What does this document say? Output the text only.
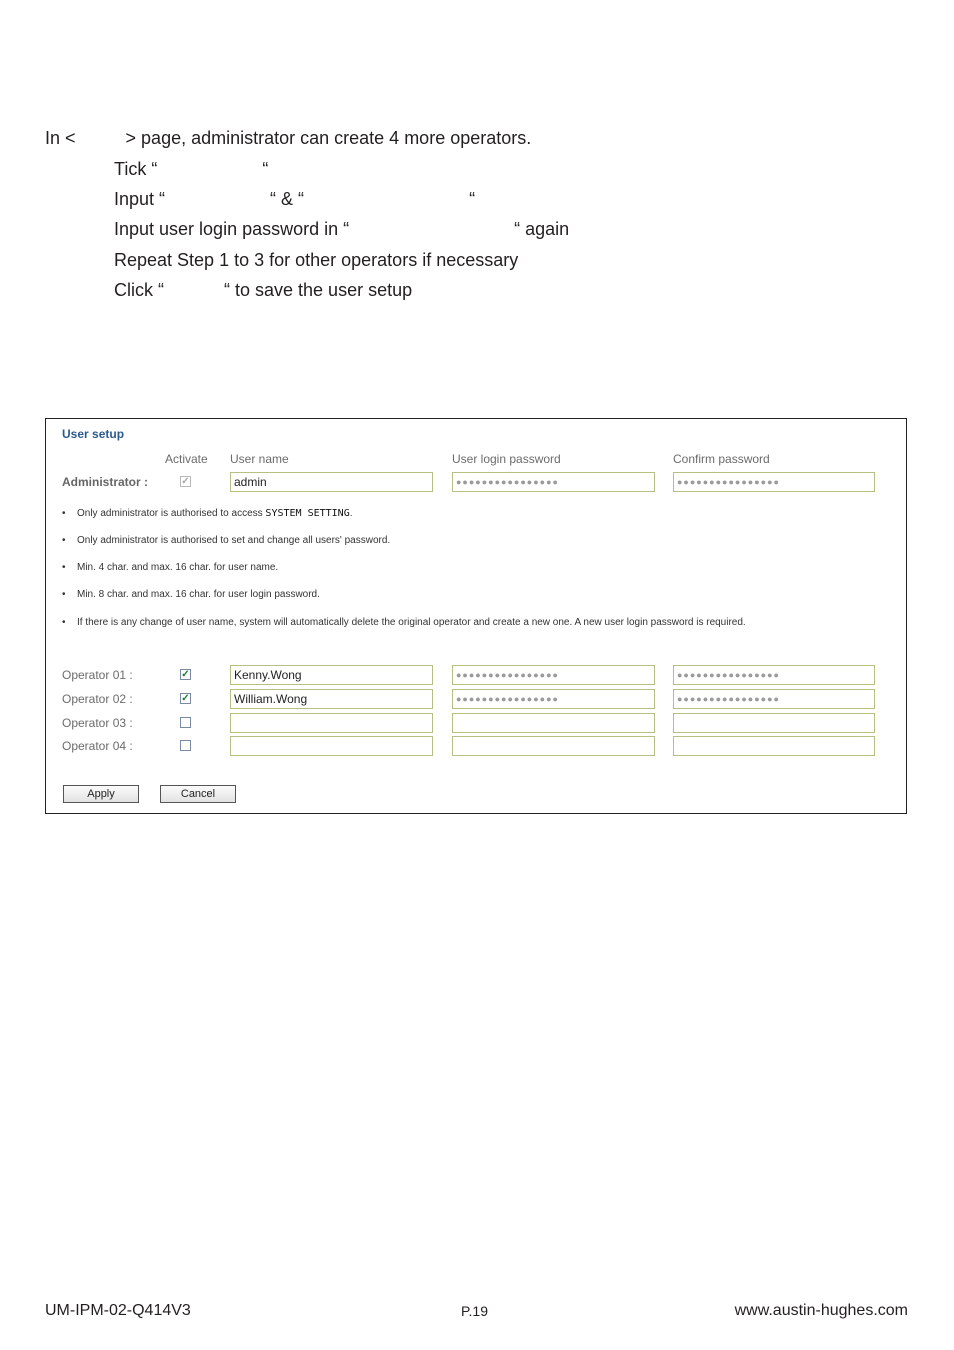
In <          > page, administrator can create 4 more operators.
Tick “                     “
Input “                     “ & “                                 “
Input user login password in “                                 “ again
Repeat Step 1 to 3 for other operators if necessary
Click “            “ to save the user setup
User setup
Activate User name	User login password	Confirm password
Administrator :	✓	admin	●●●●●●●●●●●●●●●●	●●●●●●●●●●●●●●●●
• Only administrator is authorised to access SYSTEM SETTING.
• Only administrator is authorised to set and change all users' password.
• Min. 4 char. and max. 16 char. for user name.
• Min. 8 char. and max. 16 char. for user login password.
• If there is any change of user name, system will automatically delete the original operator and create a new one. A new user login password is required.
Operator 01 :	✓	Kenny.Wong	●●●●●●●●●●●●●●●●	●●●●●●●●●●●●●●●●
Operator 02 :	✓	William.Wong	●●●●●●●●●●●●●●●●	●●●●●●●●●●●●●●●●
Operator 03 :
Operator 04 :
Apply	Cancel
UM-IPM-02-Q414V3	P.19	www.austin-hughes.com
